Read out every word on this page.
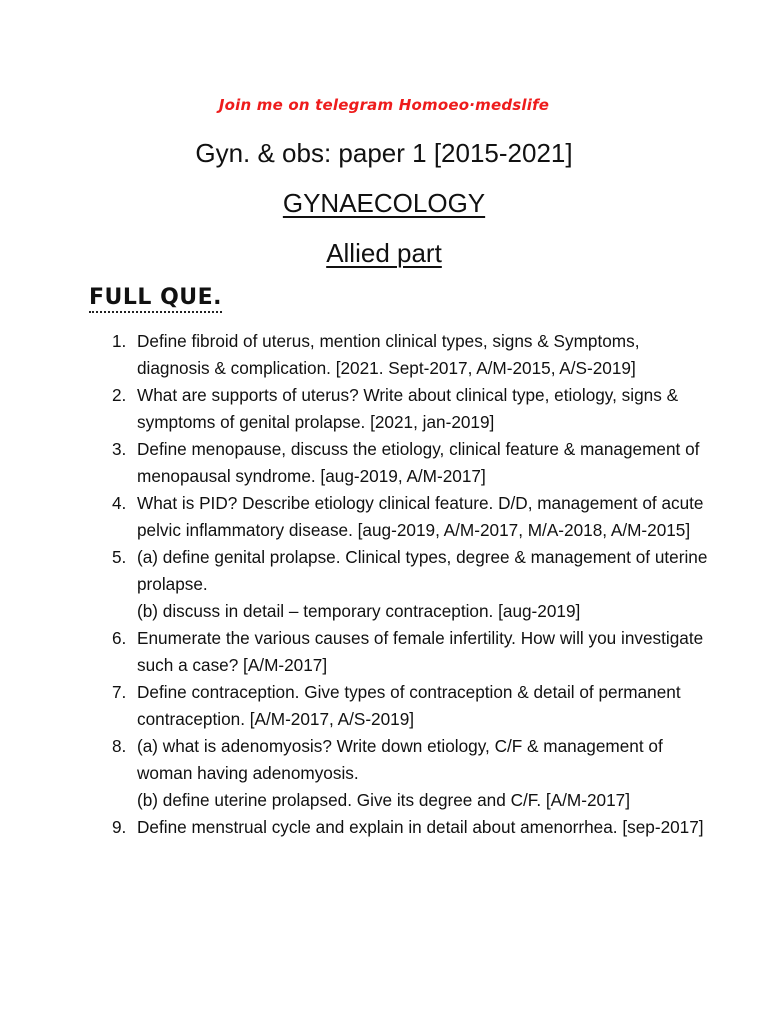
Join me on telegram Homoeo·medslife
Gyn. & obs: paper 1 [2015-2021]
GYNAECOLOGY
Allied part
FULL QUE.
1. Define fibroid of uterus, mention clinical types, signs & Symptoms, diagnosis & complication. [2021. Sept-2017, A/M-2015, A/S-2019]
2. What are supports of uterus? Write about clinical type, etiology, signs & symptoms of genital prolapse. [2021, jan-2019]
3. Define menopause, discuss the etiology, clinical feature & management of menopausal syndrome. [aug-2019, A/M-2017]
4. What is PID? Describe etiology clinical feature. D/D, management of acute pelvic inflammatory disease. [aug-2019, A/M-2017, M/A-2018, A/M-2015]
5. (a) define genital prolapse. Clinical types, degree & management of uterine prolapse.
(b) discuss in detail – temporary contraception. [aug-2019]
6. Enumerate the various causes of female infertility. How will you investigate such a case? [A/M-2017]
7. Define contraception. Give types of contraception & detail of permanent contraception. [A/M-2017, A/S-2019]
8. (a) what is adenomyosis? Write down etiology, C/F & management of woman having adenomyosis.
(b) define uterine prolapsed. Give its degree and C/F. [A/M-2017]
9. Define menstrual cycle and explain in detail about amenorrhea. [sep-2017]
